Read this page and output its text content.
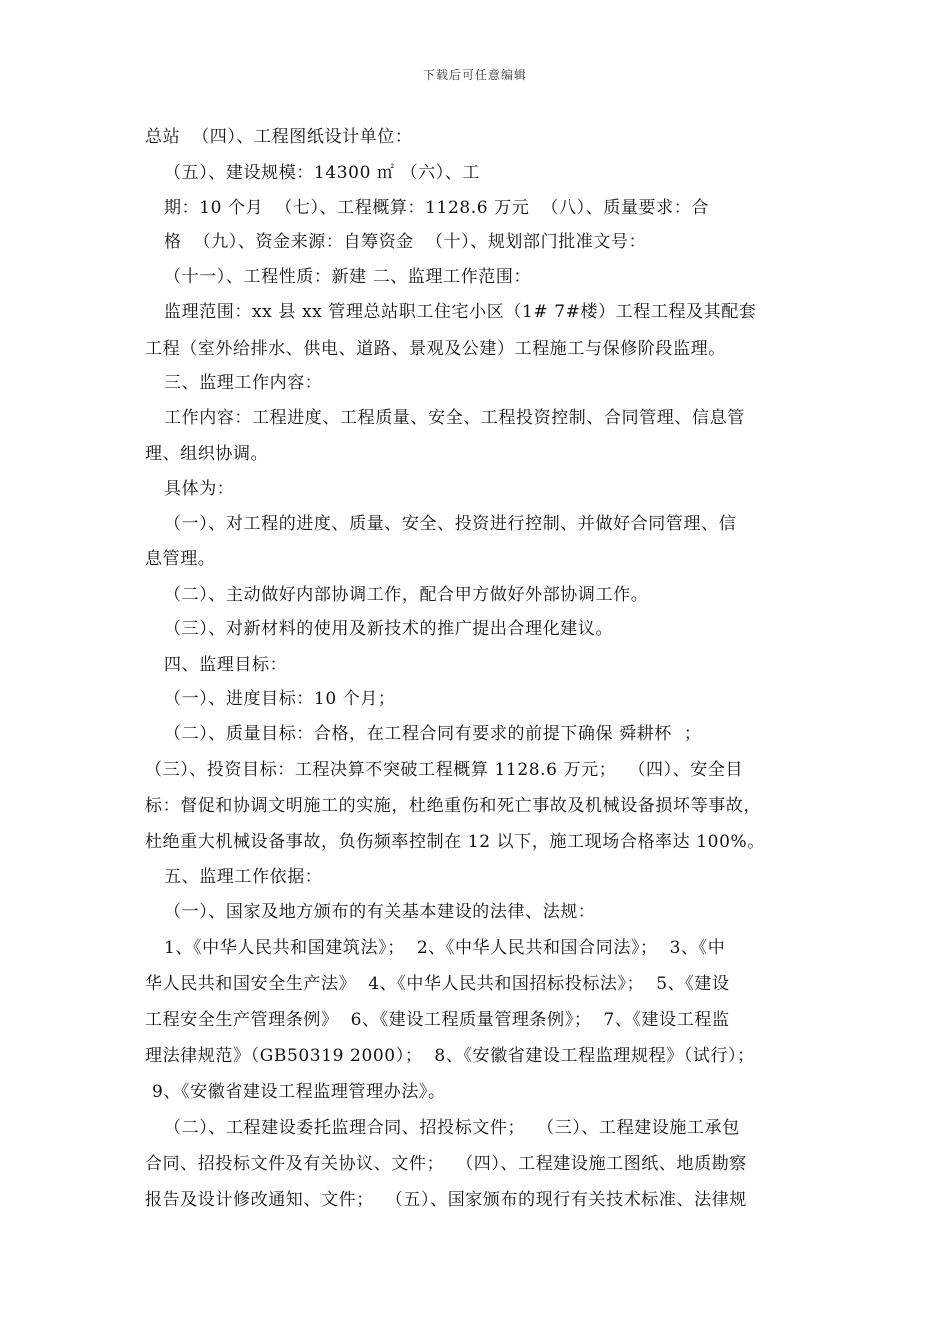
下载后可任意编辑
总站  （四）、工程图纸设计单位：
（五）、建设规模：14300 ㎡ （六）、工
期：10 个月  （七）、工程概算：1128.6 万元  （八）、质量要求：合
格  （九）、资金来源：自筹资金  （十）、规划部门批准文号：
（十一）、工程性质：新建 二、监理工作范围：
监理范围：xx 县 xx 管理总站职工住宅小区（1# 7#楼）工程工程及其配套
工程（室外给排水、供电、道路、景观及公建）工程施工与保修阶段监理。
三、监理工作内容：
工作内容：工程进度、工程质量、安全、工程投资控制、合同管理、信息管
理、组织协调。
具体为：
（一）、对工程的进度、质量、安全、投资进行控制、并做好合同管理、信
息管理。
（二）、主动做好内部协调工作，配合甲方做好外部协调工作。
（三）、对新材料的使用及新技术的推广提出合理化建议。
四、监理目标：
（一）、进度目标：10 个月；
（二）、质量目标：合格，在工程合同有要求的前提下确保 舜耕杯  ；
（三）、投资目标：工程决算不突破工程概算 1128.6 万元；  （四）、安全目
标：督促和协调文明施工的实施，杜绝重伤和死亡事故及机械设备损坏等事故，
杜绝重大机械设备事故，负伤频率控制在 12 以下，施工现场合格率达 100%。
五、监理工作依据：
（一）、国家及地方颁布的有关基本建设的法律、法规：
1、《中华人民共和国建筑法》；  2、《中华人民共和国合同法》；  3、《中
华人民共和国安全生产法》  4、《中华人民共和国招标投标法》；  5、《建设
工程安全生产管理条例》  6、《建设工程质量管理条例》；  7、《建设工程监
理法律规范》（GB50319 2000）；  8、《安徽省建设工程监理规程》（试行）；
9、《安徽省建设工程监理管理办法》。
（二）、工程建设委托监理合同、招投标文件；  （三）、工程建设施工承包
合同、招投标文件及有关协议、文件；  （四）、工程建设施工图纸、地质勘察
报告及设计修改通知、文件；  （五）、国家颁布的现行有关技术标准、法律规
